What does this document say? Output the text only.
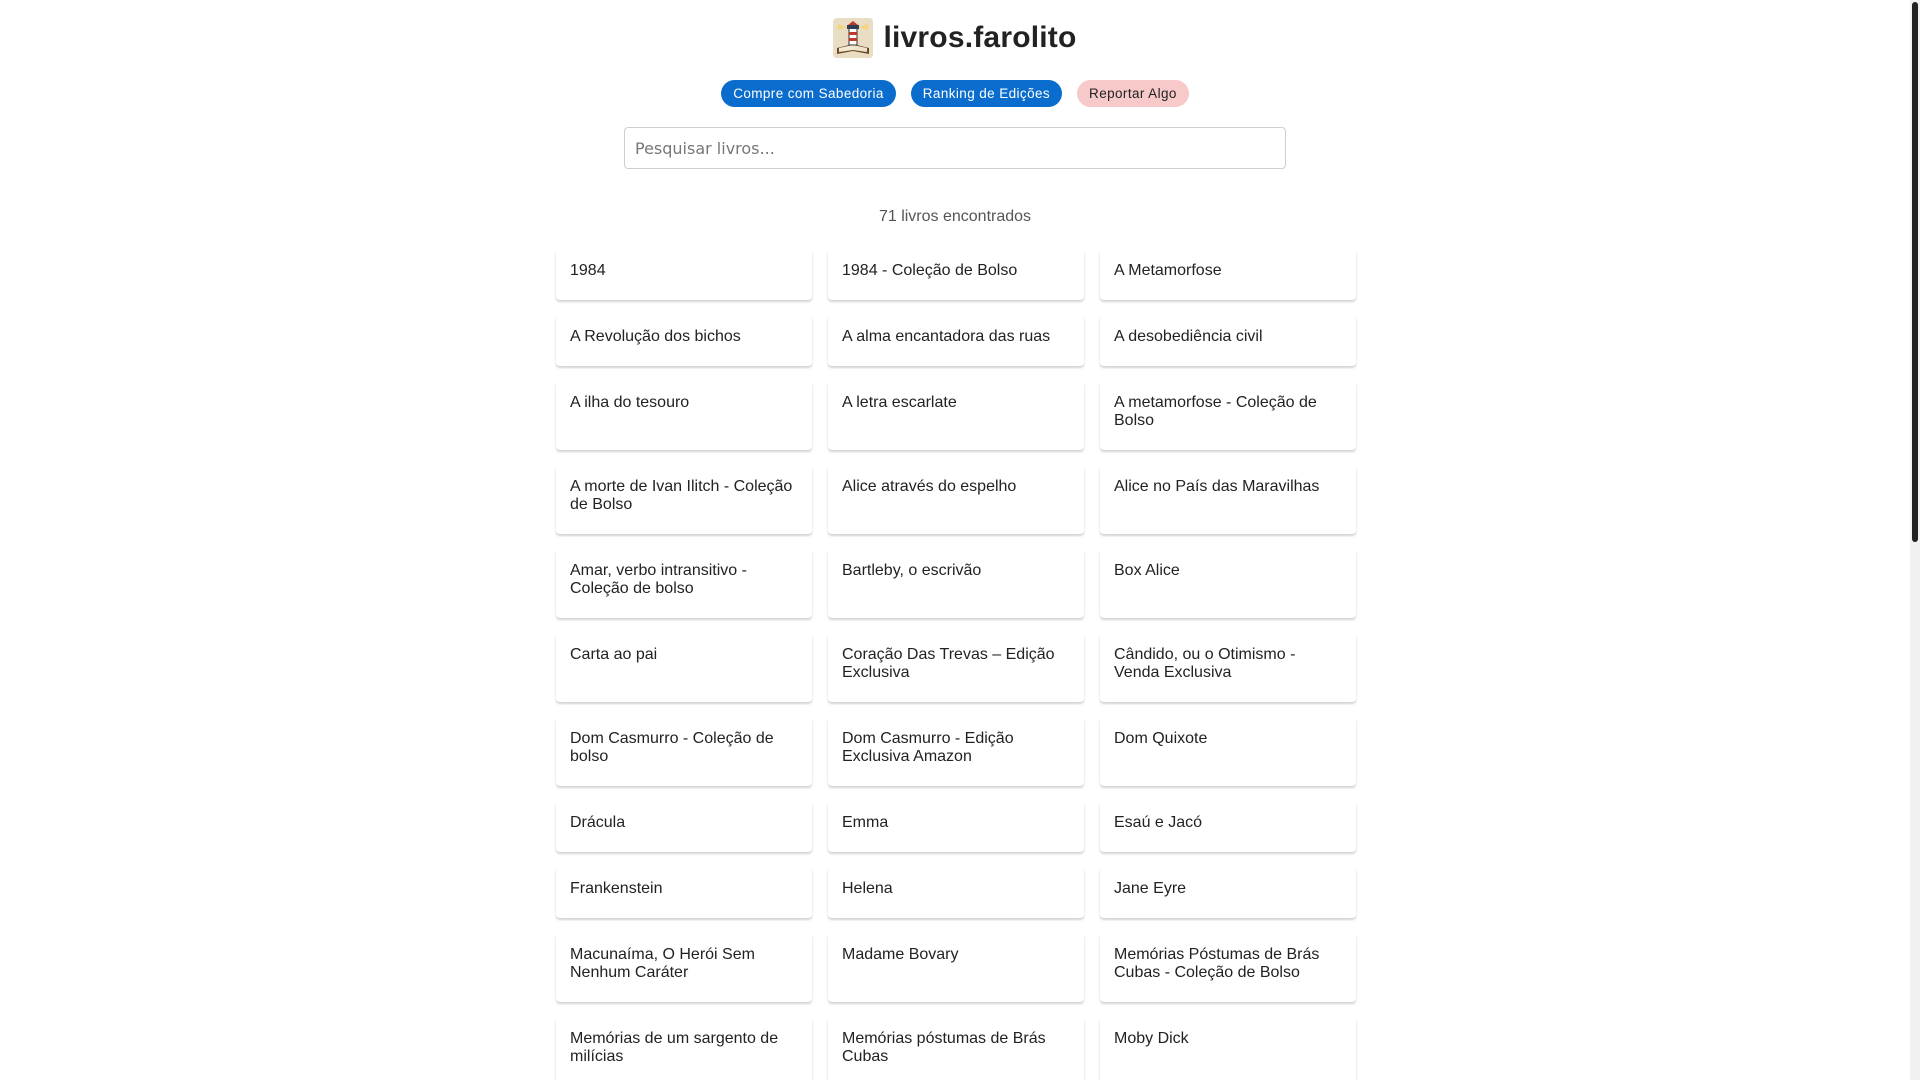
livros.farolito
Compre com Sabedoria	Ranking de Edições	Reportar Algo
Pesquisar livros...
71 livros encontrados
1984	1984 - Coleção de Bolso	A Metamorfose
A Revolução dos bichos	A alma encantadora das ruas	A desobediência civil
A ilha do tesouro	A letra escarlate	A metamorfose - Coleção de Bolso
A morte de Ivan Ilitch - Coleção de Bolso
Alice através do espelho	Alice no País das Maravilhas
Amar, verbo intransitivo - Coleção de bolso
Bartleby, o escrivão	Box Alice
Carta ao pai	Coração Das Trevas – Edição Exclusiva
Cândido, ou o Otimismo - Venda Exclusiva
Dom Casmurro - Coleção de bolso
Dom Casmurro - Edição Exclusiva Amazon
Dom Quixote
Drácula	Emma	Esaú e Jacó
Frankenstein	Helena	Jane Eyre
Macunaíma, O Herói Sem Nenhum Caráter
Madame Bovary	Memórias Póstumas de Brás Cubas - Coleção de Bolso
Memórias de um sargento de milícias
Memórias póstumas de Brás Cubas
Moby Dick
